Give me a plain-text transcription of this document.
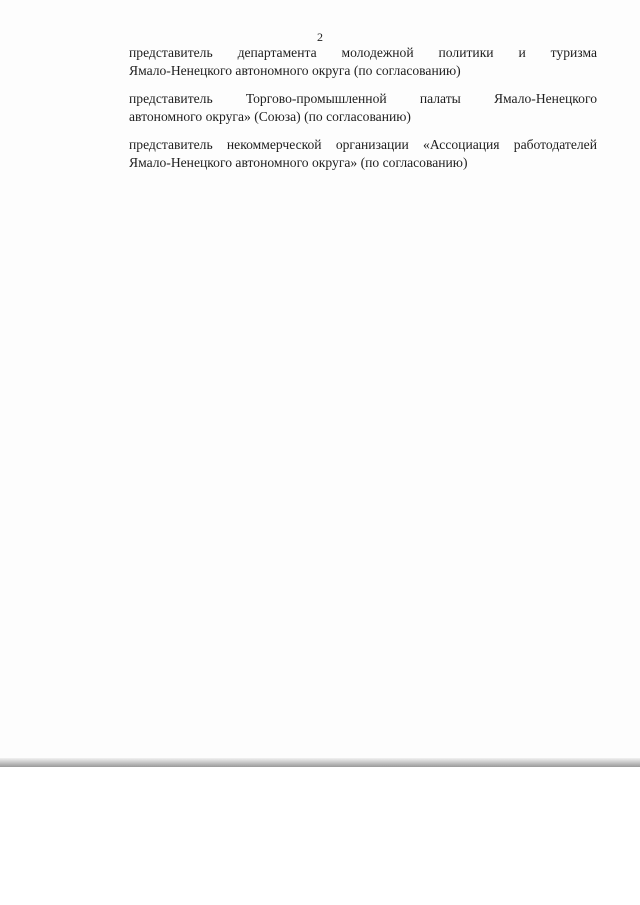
2

представитель департамента молодежной политики и туризма
Ямало-Ненецкого автономного округа (по согласованию)

представитель Торгово-промышленной палаты Ямало-Ненецкого
автономного округа» (Союза) (по согласованию)

представитель некоммерческой организации «Ассоциация работодателей
Ямало-Ненецкого автономного округа» (по согласованию)
